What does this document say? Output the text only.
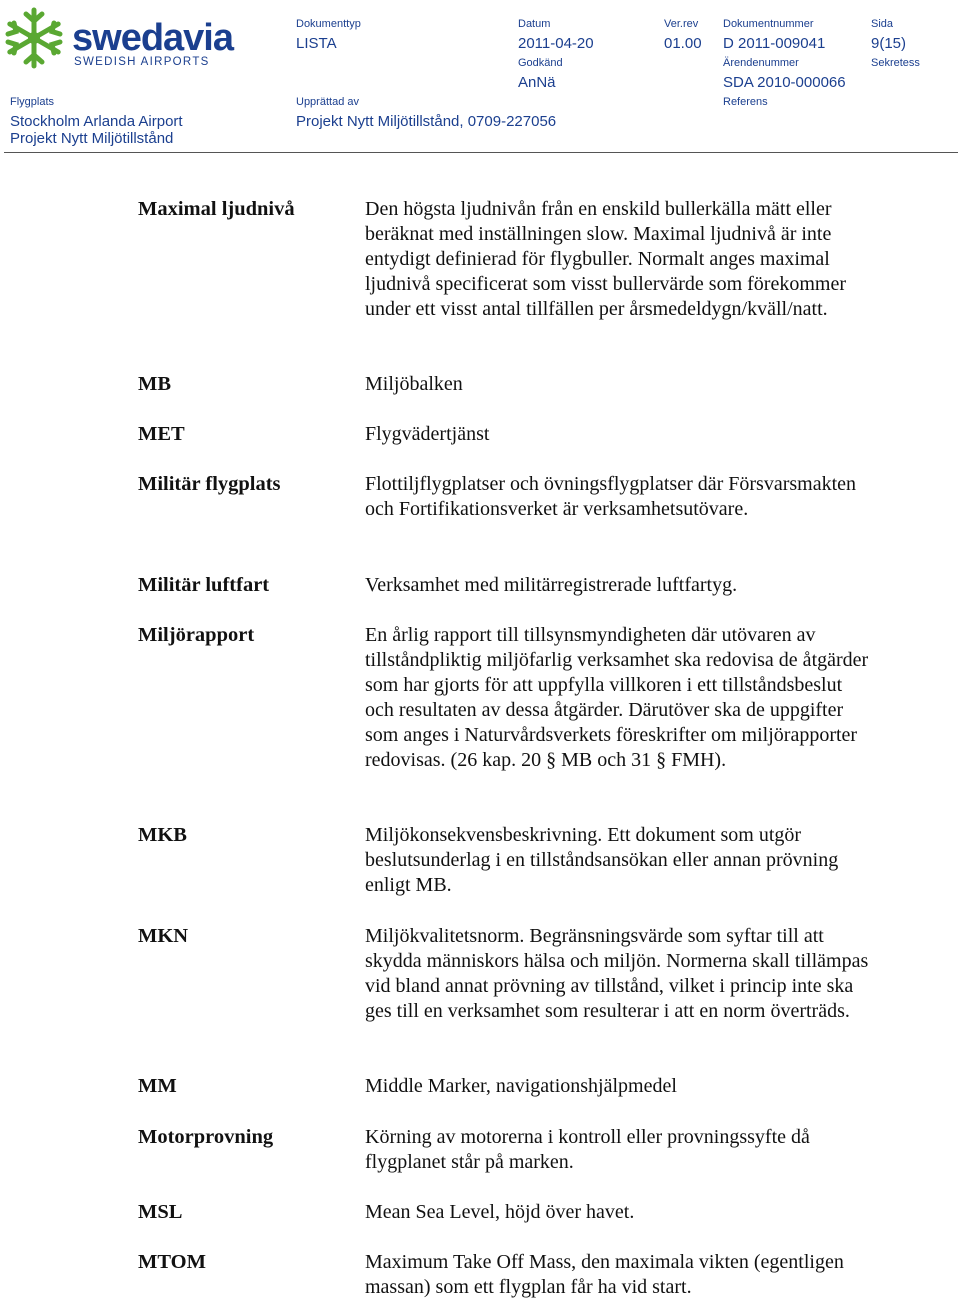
swedavia
SWEDISH AIRPORTS
Dokumenttyp
LISTA
Datum
2011-04-20
Ver.rev
01.00
Dokumentnummer
D 2011-009041
Sida
9(15)
Godkänd
AnNä
Ärendenummer
SDA 2010-000066
Sekretess
Flygplats
Stockholm Arlanda Airport
Projekt Nytt Miljötillstånd
Upprättad av
Projekt Nytt Miljötillstånd, 0709-227056
Referens
Maximal ljudnivå	Den högsta ljudnivån från en enskild bullerkälla mätt eller beräknat med inställningen slow. Maximal ljudnivå är inte entydigt definierad för flygbuller. Normalt anges maximal ljudnivå specificerat som visst bullervärde som förekommer under ett visst antal tillfällen per årsmedeldygn/kväll/natt.
MB	Miljöbalken
MET	Flygvädertjänst
Militär flygplats	Flottiljflygplatser och övningsflygplatser där Försvarsmakten och Fortifikationsverket är verksamhetsutövare.
Militär luftfart	Verksamhet med militärregistrerade luftfartyg.
Miljörapport	En årlig rapport till tillsynsmyndigheten där utövaren av tillståndpliktig miljöfarlig verksamhet ska redovisa de åtgärder som har gjorts för att uppfylla villkoren i ett tillståndsbeslut och resultaten av dessa åtgärder. Därutöver ska de uppgifter som anges i Naturvårdsverkets föreskrifter om miljörapporter redovisas. (26 kap. 20 § MB och 31 § FMH).
MKB	Miljökonsekvensbeskrivning. Ett dokument som utgör beslutsunderlag i en tillståndsansökan eller annan prövning enligt MB.
MKN	Miljökvalitetsnorm. Begränsningsvärde som syftar till att skydda människors hälsa och miljön. Normerna skall tillämpas vid bland annat prövning av tillstånd, vilket i princip inte ska ges till en verksamhet som resulterar i att en norm överträds.
MM	Middle Marker, navigationshjälpmedel
Motorprovning	Körning av motorerna i kontroll eller provningssyfte då flygplanet står på marken.
MSL	Mean Sea Level, höjd över havet.
MTOM	Maximum Take Off Mass, den maximala vikten (egentligen massan) som ett flygplan får ha vid start.
